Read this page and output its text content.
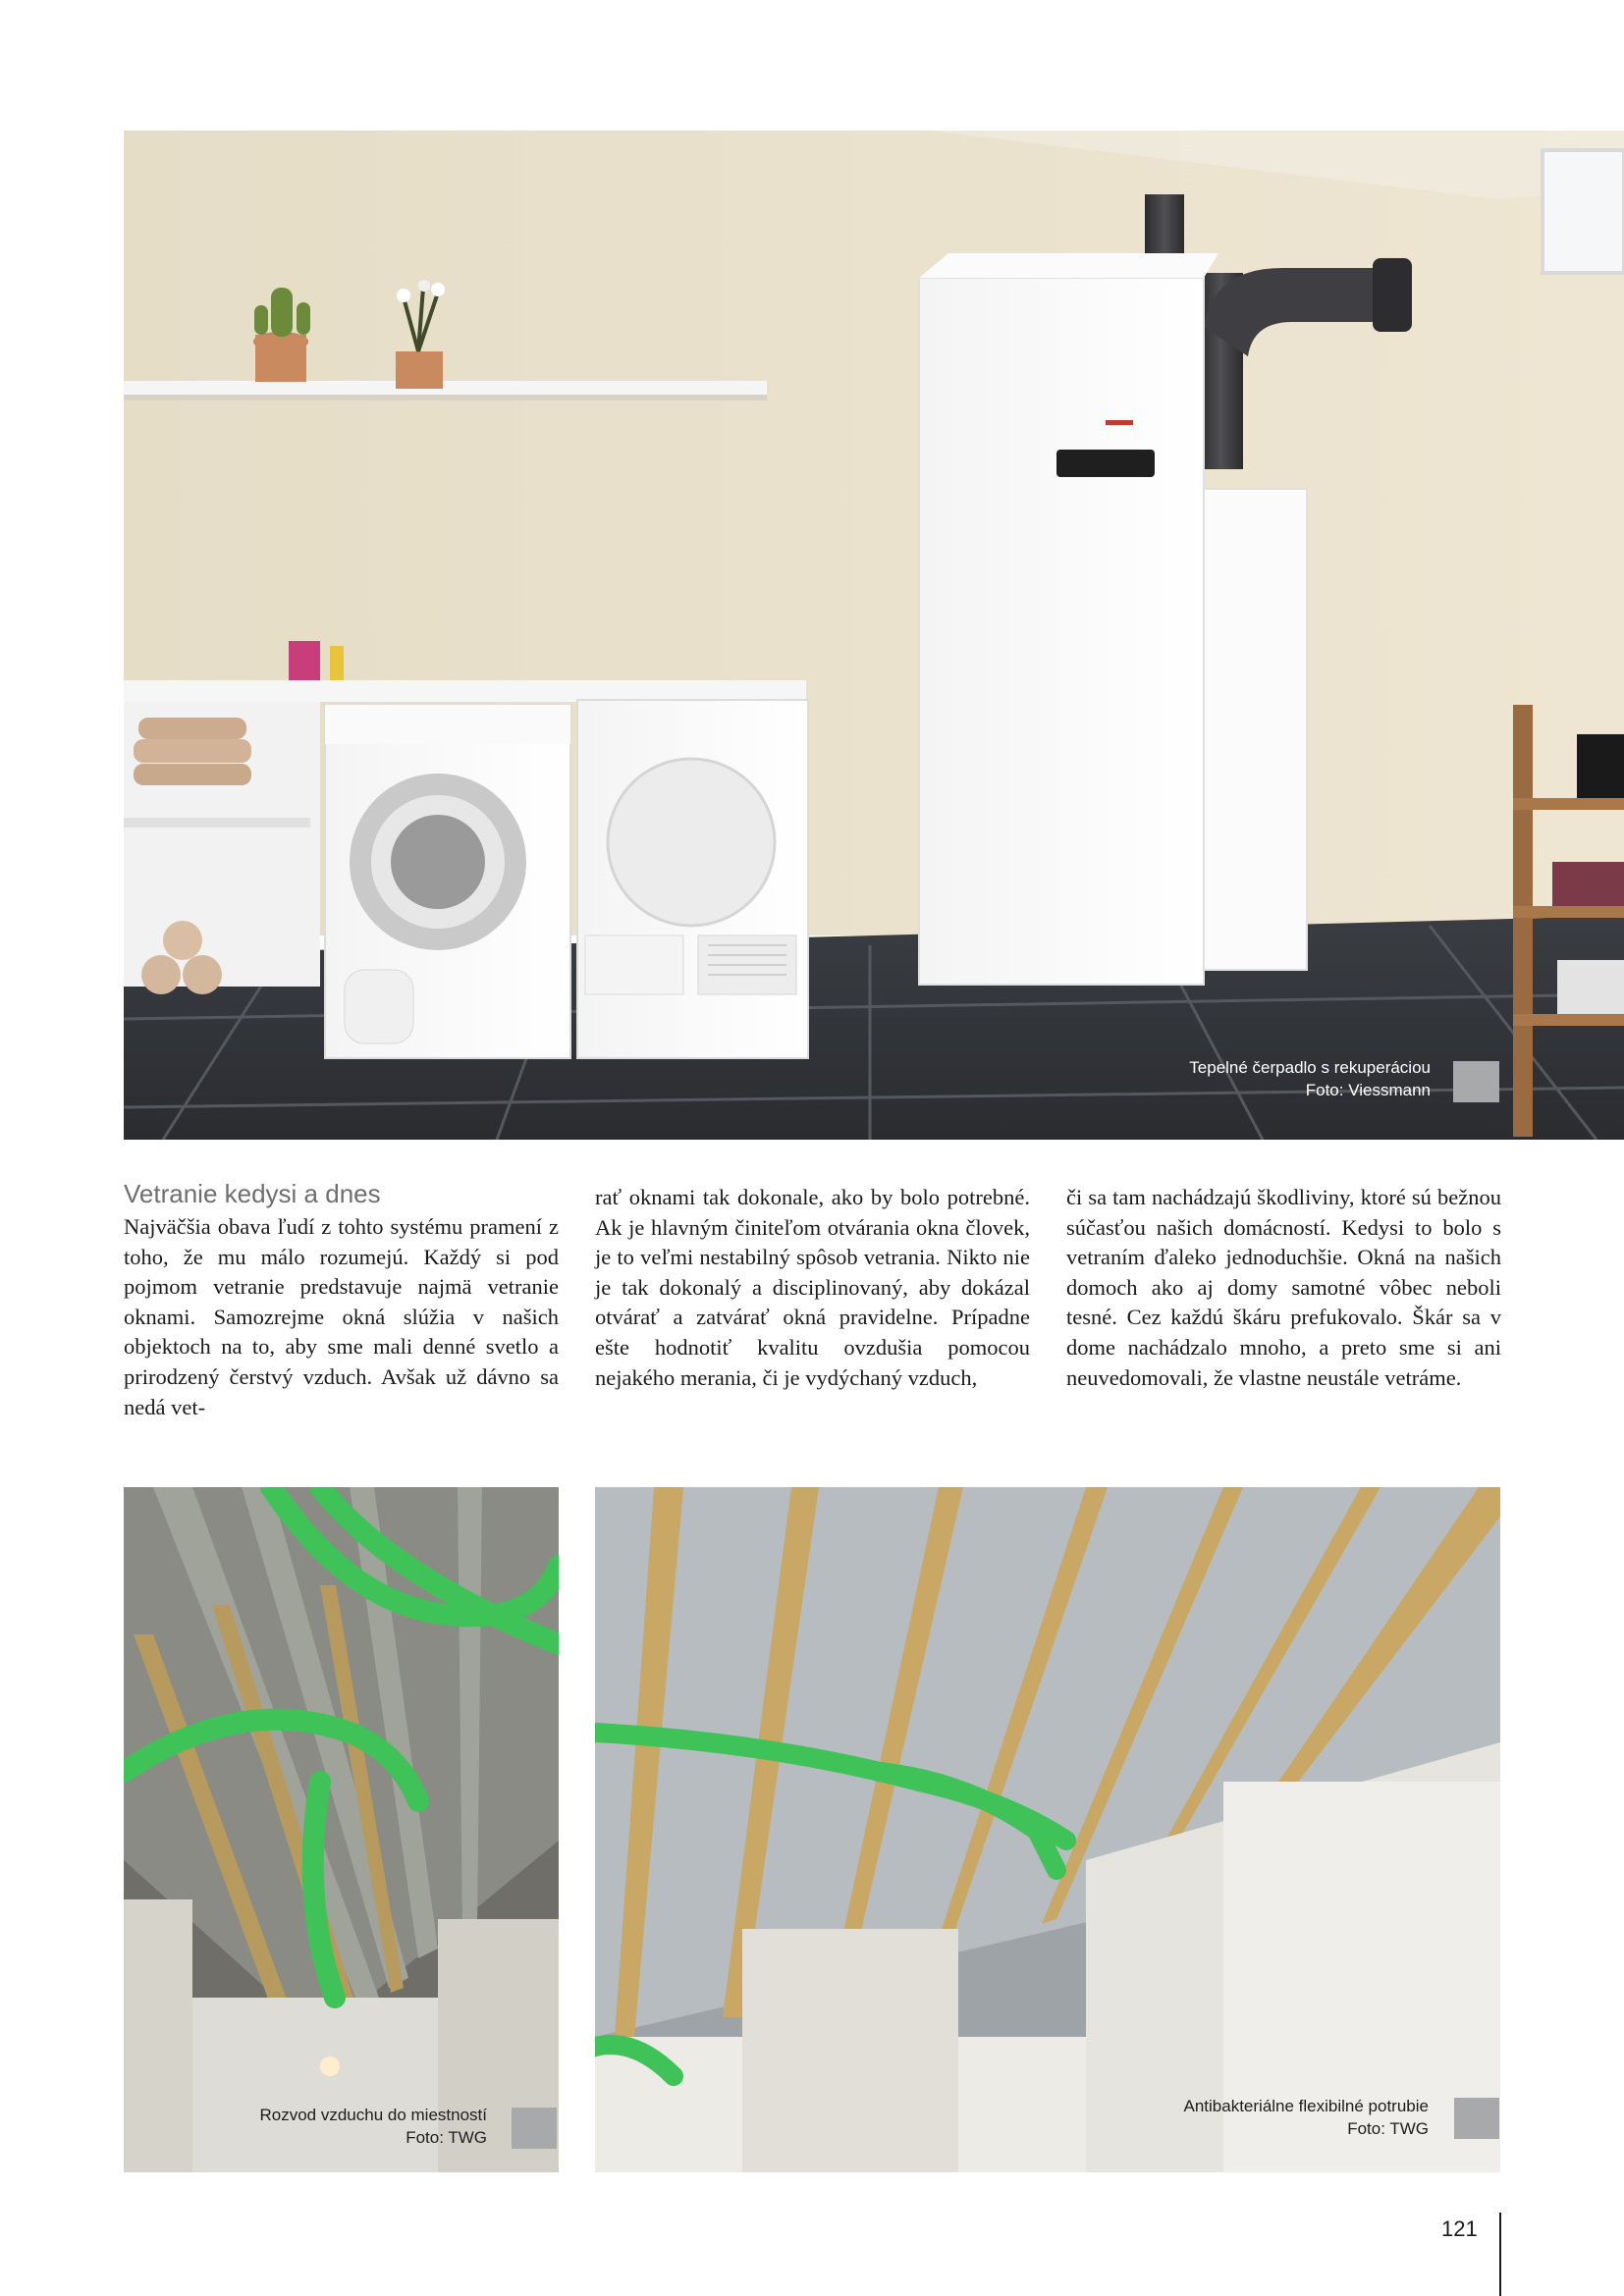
Tepelné čerpadlo s rekuperáciou
Foto: Viessmann
Vetranie kedysi a dnes

Najväčšia obava ľudí z tohto systému pramení z toho, že mu málo rozumejú. Každý si pod pojmom vetranie predstavuje najmä vetranie oknami. Samozrejme okná slúžia v našich objektoch na to, aby sme mali denné svetlo a prirodzený čerstvý vzduch. Avšak už dávno sa nedá vet-

rať oknami tak dokonale, ako by bolo potrebné. Ak je hlavným činiteľom otvárania okna človek, je to veľmi nestabilný spôsob vetrania. Nikto nie je tak dokonalý a disciplinovaný, aby dokázal otvárať a zatvárať okná pravidelne. Prípadne ešte hodnotiť kvalitu ovzdušia pomocou nejakého merania, či je vydýchaný vzduch,

či sa tam nachádzajú škodliviny, ktoré sú bežnou súčasťou našich domácností. Kedysi to bolo s vetraním ďaleko jednoduchšie. Okná na našich domoch ako aj domy samotné vôbec neboli tesné. Cez každú škáru prefukovalo. Škár sa v dome nachádzalo mnoho, a preto sme si ani neuvedomovali, že vlastne neustále vetráme.

Rozvod vzduchu do miestností
Foto: TWG
Antibakteriálne flexibilné potrubie
Foto: TWG
121
